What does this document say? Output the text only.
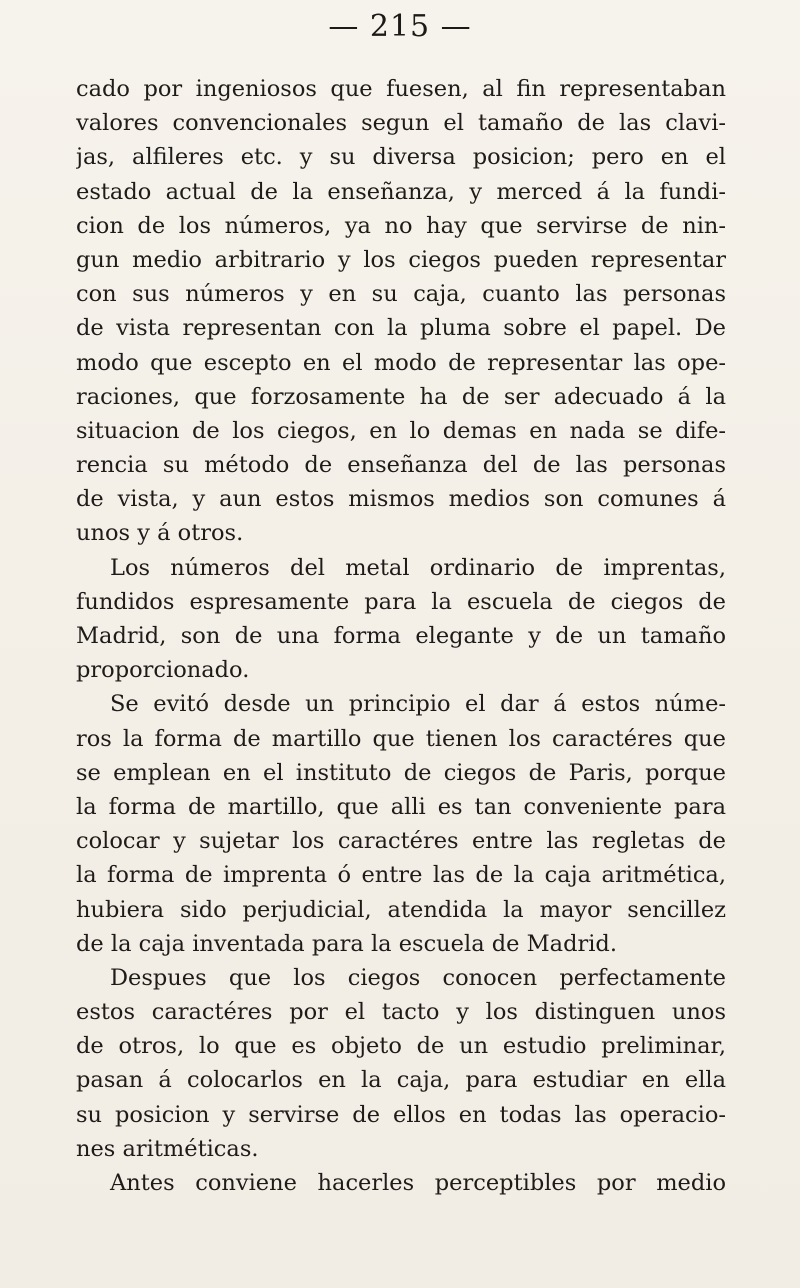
— 215 —
cado por ingeniosos que fuesen, al fin representaban
valores convencionales segun el tamaño de las clavi-
jas, alfileres etc. y su diversa posicion; pero en el
estado actual de la enseñanza, y merced á la fundi-
cion de los números, ya no hay que servirse de nin-
gun medio arbitrario y los ciegos pueden representar
con sus números y en su caja, cuanto las personas
de vista representan con la pluma sobre el papel. De
modo que escepto en el modo de representar las ope-
raciones, que forzosamente ha de ser adecuado á la
situacion de los ciegos, en lo demas en nada se dife-
rencia su método de enseñanza del de las personas
de vista, y aun estos mismos medios son comunes á
unos y á otros.
Los números del metal ordinario de imprentas,
fundidos espresamente para la escuela de ciegos de
Madrid, son de una forma elegante y de un tamaño
proporcionado.
Se evitó desde un principio el dar á estos núme-
ros la forma de martillo que tienen los caractéres que
se emplean en el instituto de ciegos de Paris, porque
la forma de martillo, que alli es tan conveniente para
colocar y sujetar los caractéres entre las regletas de
la forma de imprenta ó entre las de la caja aritmética,
hubiera sido perjudicial, atendida la mayor sencillez
de la caja inventada para la escuela de Madrid.
Despues que los ciegos conocen perfectamente
estos caractéres por el tacto y los distinguen unos
de otros, lo que es objeto de un estudio preliminar,
pasan á colocarlos en la caja, para estudiar en ella
su posicion y servirse de ellos en todas las operacio-
nes aritméticas.
Antes conviene hacerles perceptibles por medio
